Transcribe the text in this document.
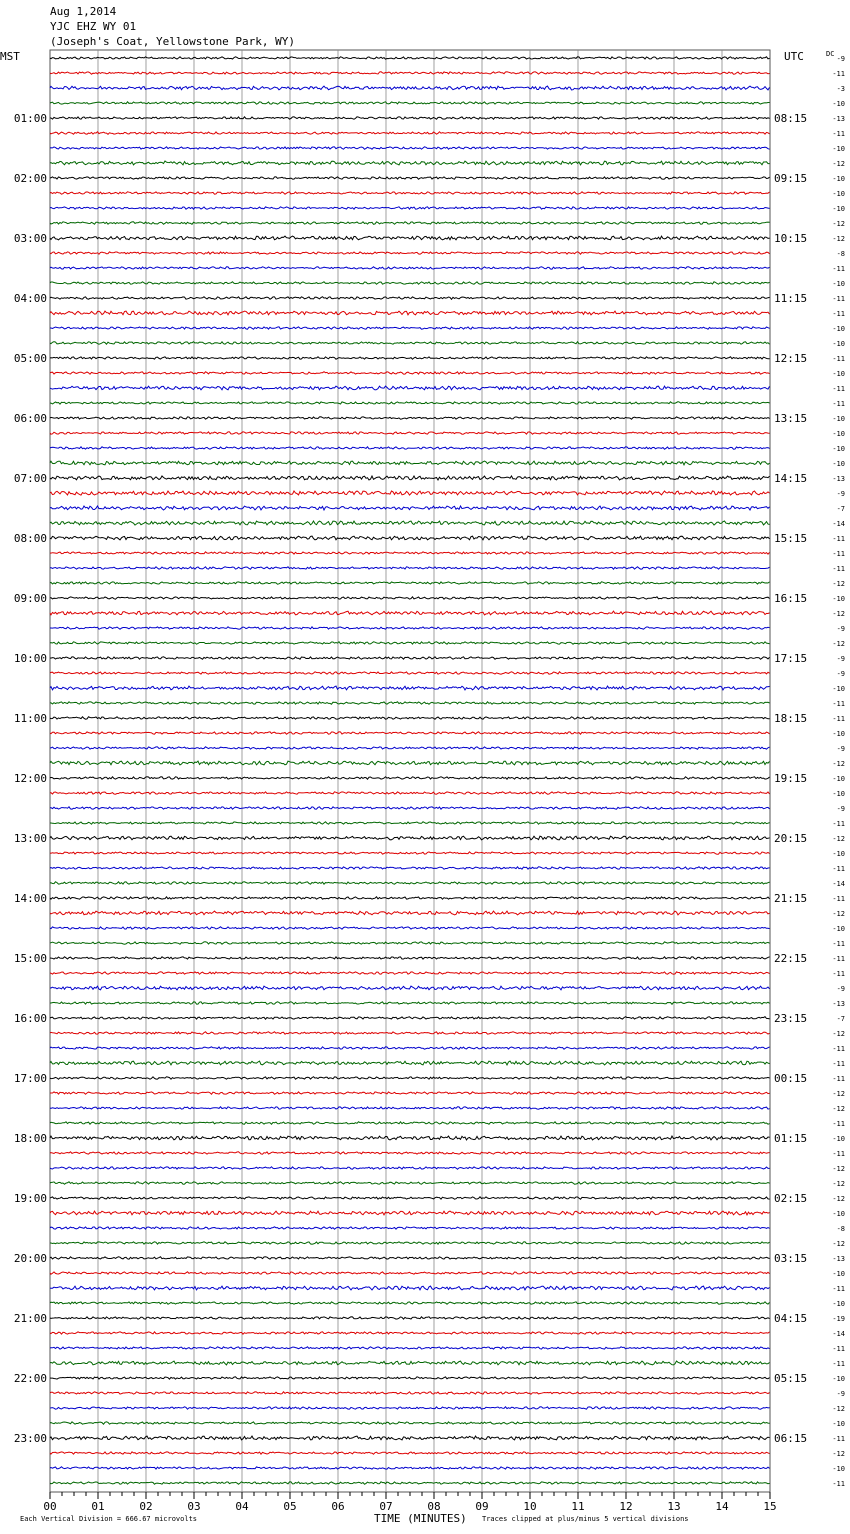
Aug 1,2014
YJC EHZ WY 01
(Joseph's Coat, Yellowstone Park, WY)
MST	UTC	DC
Each Vertical Division = 666.67 microvolts	TIME (MINUTES) Traces clipped at plus/minus 5 vertical divisions
00	01	02	03	04	05	06	07	08	09	10	11	12	13	14	15
-9
-11
-3
-10
-13
-11
-10
-12
-10
-10
-10
-12
-12
-8
-11
-10
-11
-11
-10
-10
-11
-10
-11
-11
-10
-10
-10
-10
-13
-9
-7
-14
-11
-11
-11
-12
-10
-12
-9
-12
-9
-9
-10
-11
-11
-10
-9
-12
-10
-10
-9
-11
-12
-10
-11
-14
-11
-12
-10
-11
-11
-11
-9
-13
-7
-12
-11
-11
-11
-12
-12
-11
-10
-11
-12
-12
-12
-10
-8
-12
-13
-10
-11
-10
-19
-14
-11
-11
-10
-9
-12
-10
-11
-12
-10
-11
01:00
02:00
03:00
04:00
05:00
06:00
07:00
08:00
09:00
10:00
11:00
12:00
13:00
14:00
15:00
16:00
17:00
18:00
19:00
20:00
21:00
22:00
23:00
08:15
09:15
10:15
11:15
12:15
13:15
14:15
15:15
16:15
17:15
18:15
19:15
20:15
21:15
22:15
23:15
00:15
01:15
02:15
03:15
04:15
05:15
06:15
